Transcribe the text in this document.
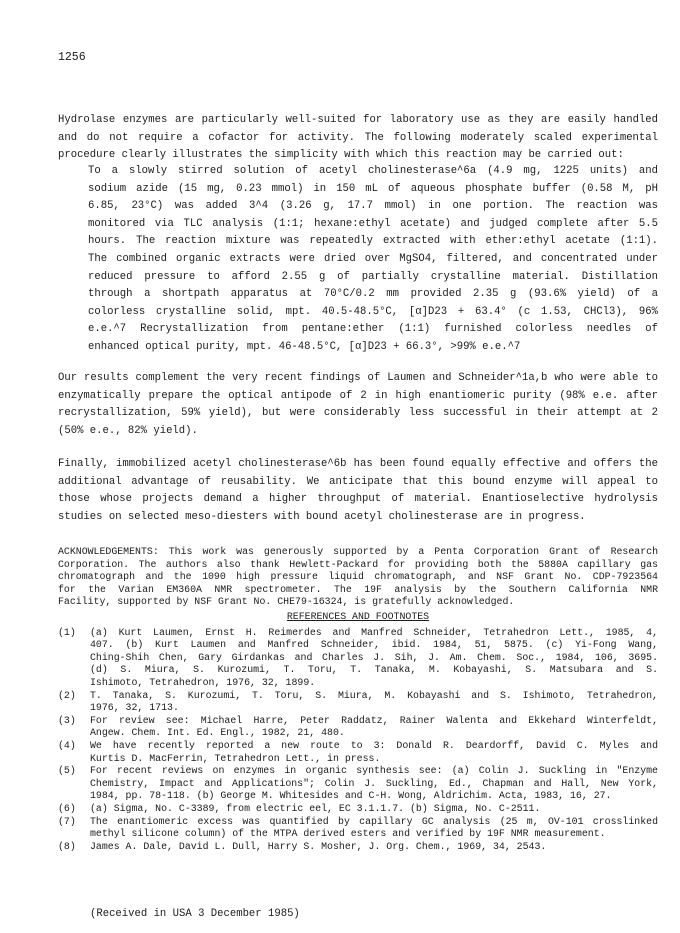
1256
Hydrolase enzymes are particularly well-suited for laboratory use as they are easily handled
and do not require a cofactor for activity. The following moderately scaled experimental
procedure clearly illustrates the simplicity with which this reaction may be carried out:
To a slowly stirred solution of acetyl cholinesterase^6a (4.9 mg, 1225 units) and
sodium azide (15 mg, 0.23 mmol) in 150 mL of aqueous phosphate buffer (0.58 M, pH
6.85, 23°C) was added 3^4 (3.26 g, 17.7 mmol) in one portion. The reaction was
monitored via TLC analysis (1:1; hexane:ethyl acetate) and judged complete after 5.5
hours. The reaction mixture was repeatedly extracted with ether:ethyl acetate (1:1).
The combined organic extracts were dried over MgSO4, filtered, and concentrated under
reduced pressure to afford 2.55 g of partially crystalline material. Distillation
through a shortpath apparatus at 70°C/0.2 mm provided 2.35 g (93.6% yield) of a
colorless crystalline solid, mpt. 40.5-48.5°C, [α]D23 + 63.4° (c 1.53, CHCl3), 96%
e.e.^7 Recrystallization from pentane:ether (1:1) furnished colorless needles of
enhanced optical purity, mpt. 46-48.5°C, [α]D23 + 66.3°, >99% e.e.^7
Our results complement the very recent findings of Laumen and Schneider^1a,b who were able to
enzymatically prepare the optical antipode of 2 in high enantiomeric purity (98% e.e. after
recrystallization, 59% yield), but were considerably less successful in their attempt at 2
(50% e.e., 82% yield).
Finally, immobilized acetyl cholinesterase^6b has been found equally effective and offers the
additional advantage of reusability. We anticipate that this bound enzyme will appeal to
those whose projects demand a higher throughput of material. Enantioselective hydrolysis
studies on selected meso-diesters with bound acetyl cholinesterase are in progress.
ACKNOWLEDGEMENTS: This work was generously supported by a Penta Corporation Grant of Research
Corporation. The authors also thank Hewlett-Packard for providing both the 5880A capillary gas
chromatograph and the 1090 high pressure liquid chromatograph, and NSF Grant No. CDP-7923564
for the Varian EM360A NMR spectrometer. The 19F analysis by the Southern California NMR
Facility, supported by NSF Grant No. CHE79-16324, is gratefully acknowledged.
REFERENCES AND FOOTNOTES
(1)	(a) Kurt Laumen, Ernst H. Reimerdes and Manfred Schneider, Tetrahedron Lett., 1985, 4,
407. (b) Kurt Laumen and Manfred Schneider, ibid. 1984, 51, 5875. (c) Yi-Fong Wang,
Ching-Shih Chen, Gary Girdankas and Charles J. Sih, J. Am. Chem. Soc., 1984, 106, 3695.
(d) S. Miura, S. Kurozumi, T. Toru, T. Tanaka, M. Kobayashi, S. Matsubara and S.
Ishimoto, Tetrahedron, 1976, 32, 1899.
(2)	T. Tanaka, S. Kurozumi, T. Toru, S. Miura, M. Kobayashi and S. Ishimoto, Tetrahedron,
1976, 32, 1713.
(3)	For review see: Michael Harre, Peter Raddatz, Rainer Walenta and Ekkehard Winterfeldt,
Angew. Chem. Int. Ed. Engl., 1982, 21, 480.
(4)	We have recently reported a new route to 3: Donald R. Deardorff, David C. Myles and
Kurtis D. MacFerrin, Tetrahedron Lett., in press.
(5)	For recent reviews on enzymes in organic synthesis see: (a) Colin J. Suckling in "Enzyme
Chemistry, Impact and Applications"; Colin J. Suckling, Ed., Chapman and Hall, New York,
1984, pp. 78-118. (b) George M. Whitesides and C-H. Wong, Aldrichim. Acta, 1983, 16, 27.
(6)	(a) Sigma, No. C-3389, from electric eel, EC 3.1.1.7. (b) Sigma, No. C-2511.
(7)	The enantiomeric excess was quantified by capillary GC analysis (25 m, OV-101 crosslinked
methyl silicone column) of the MTPA derived esters and verified by 19F NMR measurement.
(8)	James A. Dale, David L. Dull, Harry S. Mosher, J. Org. Chem., 1969, 34, 2543.
(Received in USA 3 December 1985)
